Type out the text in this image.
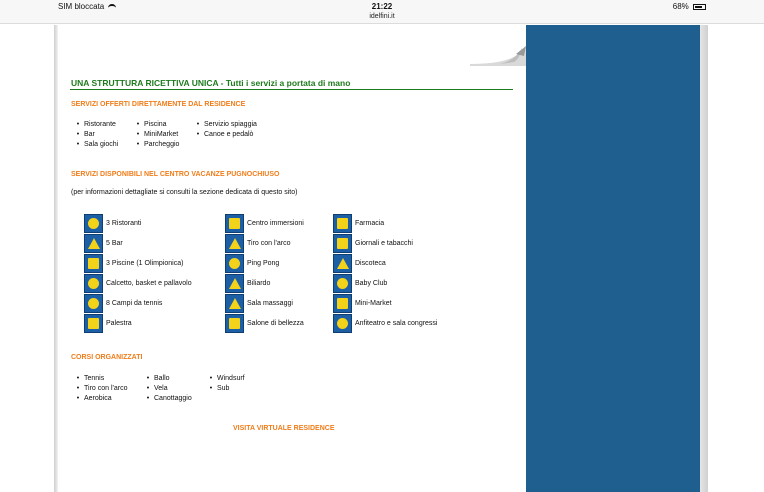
SIM bloccata	21:22
idelfini.it
68%
UNA STRUTTURA RICETTIVA UNICA - Tutti i servizi a portata di mano
SERVIZI OFFERTI DIRETTAMENTE DAL RESIDENCE
• Ristorante
• Bar
• Sala giochi
• Piscina
• MiniMarket
• Parcheggio
• Servizio spiaggia
• Canoe e pedalò
SERVIZI DISPONIBILI NEL CENTRO VACANZE PUGNOCHIUSO
(per informazioni dettagliate si consulti la sezione dedicata di questo sito)
3 Ristoranti
5 Bar
3 Piscine (1 Olimpionica)
Calcetto, basket e pallavolo
8 Campi da tennis
Palestra
Centro immersioni
Tiro con l'arco
Ping Pong
Biliardo
Sala massaggi
Salone di bellezza
Farmacia
Giornali e tabacchi
Discoteca
Baby Club
Mini-Market
Anfiteatro e sala congressi
CORSI ORGANIZZATI
• Tennis
• Tiro con l'arco
• Aerobica
• Ballo
• Vela
• Canottaggio
• Windsurf
• Sub
VISITA VIRTUALE RESIDENCE
